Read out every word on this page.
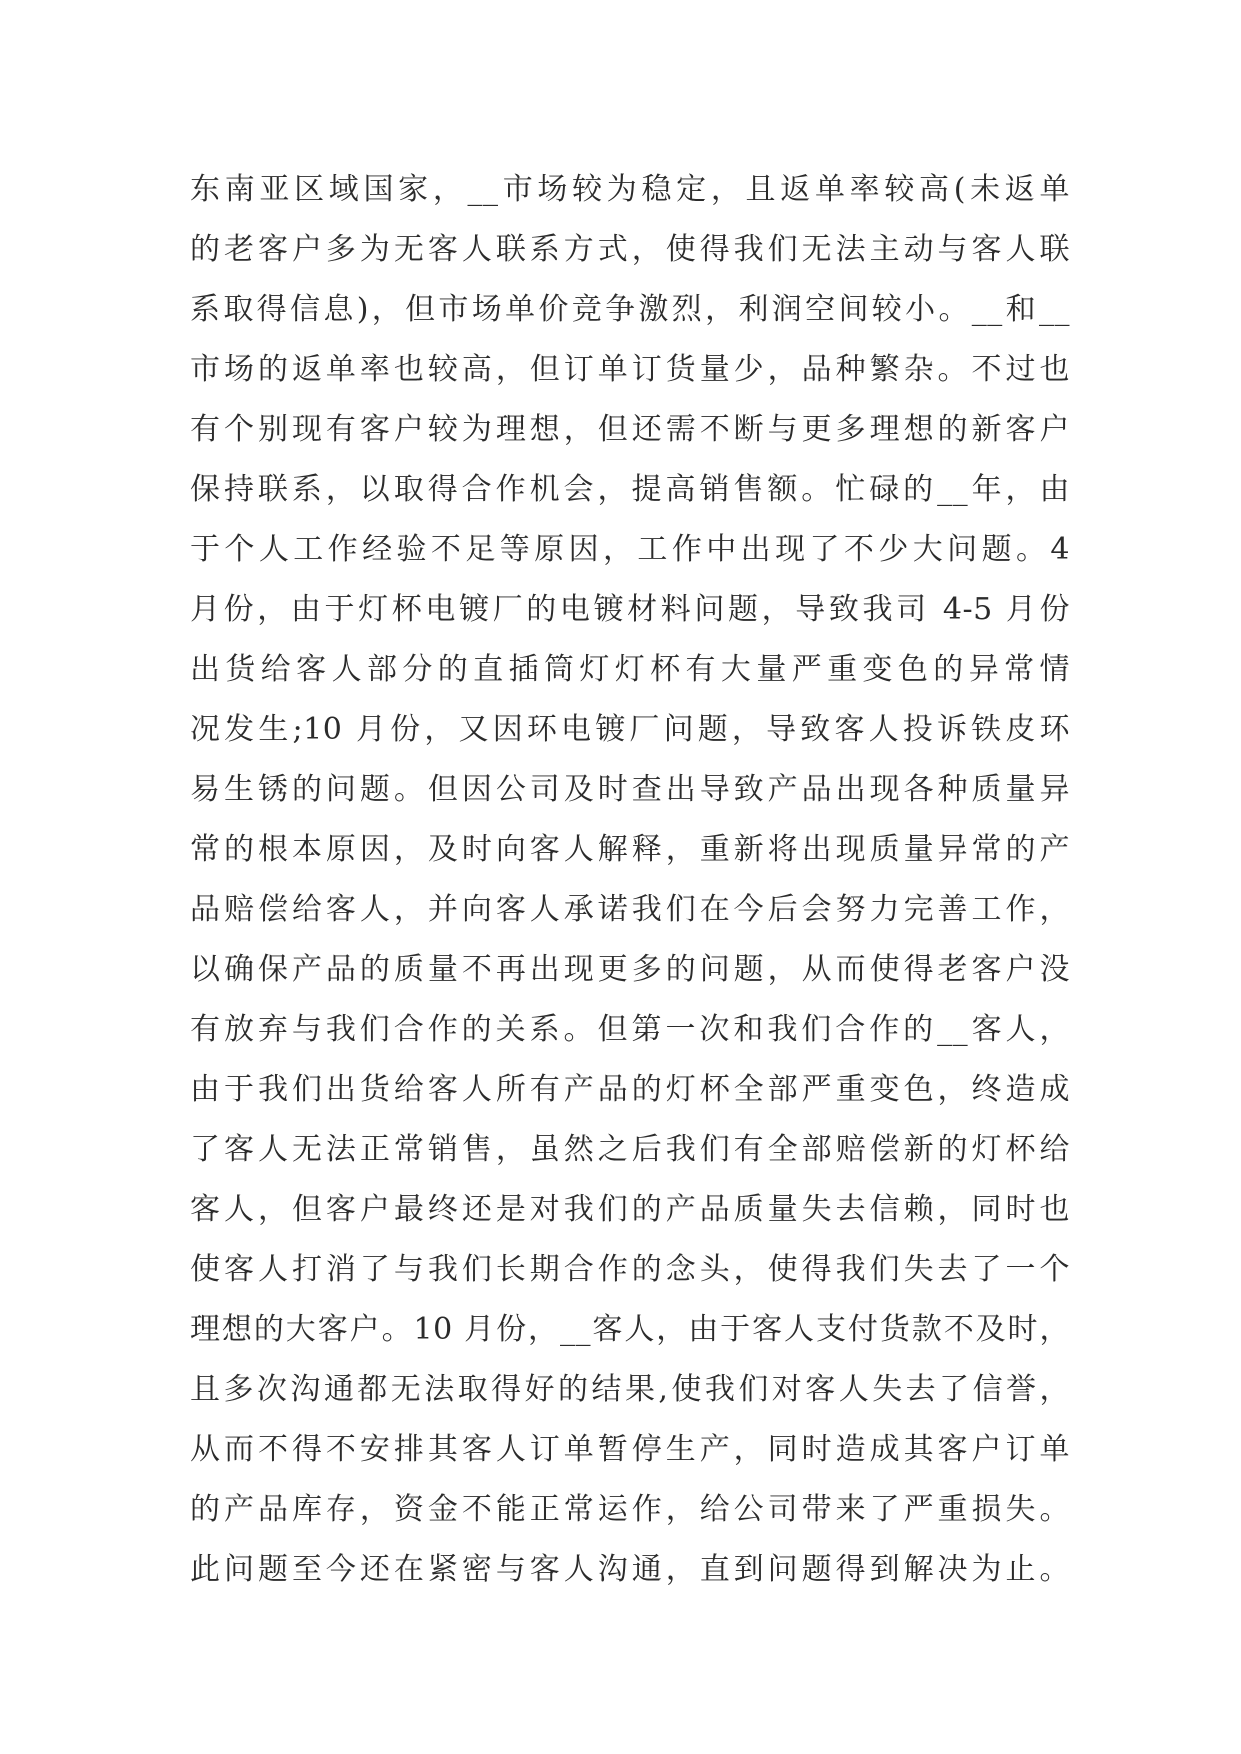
东南亚区域国家，__市场较为稳定，且返单率较高(未返单
的老客户多为无客人联系方式，使得我们无法主动与客人联
系取得信息)，但市场单价竞争激烈，利润空间较小。__和__
市场的返单率也较高，但订单订货量少，品种繁杂。不过也
有个别现有客户较为理想，但还需不断与更多理想的新客户
保持联系，以取得合作机会，提高销售额。忙碌的__年，由
于个人工作经验不足等原因，工作中出现了不少大问题。4
月份，由于灯杯电镀厂的电镀材料问题，导致我司 4-5 月份
出货给客人部分的直插筒灯灯杯有大量严重变色的异常情
况发生;10 月份，又因环电镀厂问题，导致客人投诉铁皮环
易生锈的问题。但因公司及时查出导致产品出现各种质量异
常的根本原因，及时向客人解释，重新将出现质量异常的产
品赔偿给客人，并向客人承诺我们在今后会努力完善工作，
以确保产品的质量不再出现更多的问题，从而使得老客户没
有放弃与我们合作的关系。但第一次和我们合作的__客人，
由于我们出货给客人所有产品的灯杯全部严重变色，终造成
了客人无法正常销售，虽然之后我们有全部赔偿新的灯杯给
客人，但客户最终还是对我们的产品质量失去信赖，同时也
使客人打消了与我们长期合作的念头，使得我们失去了一个
理想的大客户。10 月份，__客人，由于客人支付货款不及时，
且多次沟通都无法取得好的结果,使我们对客人失去了信誉，
从而不得不安排其客人订单暂停生产，同时造成其客户订单
的产品库存，资金不能正常运作，给公司带来了严重损失。
此问题至今还在紧密与客人沟通，直到问题得到解决为止。
